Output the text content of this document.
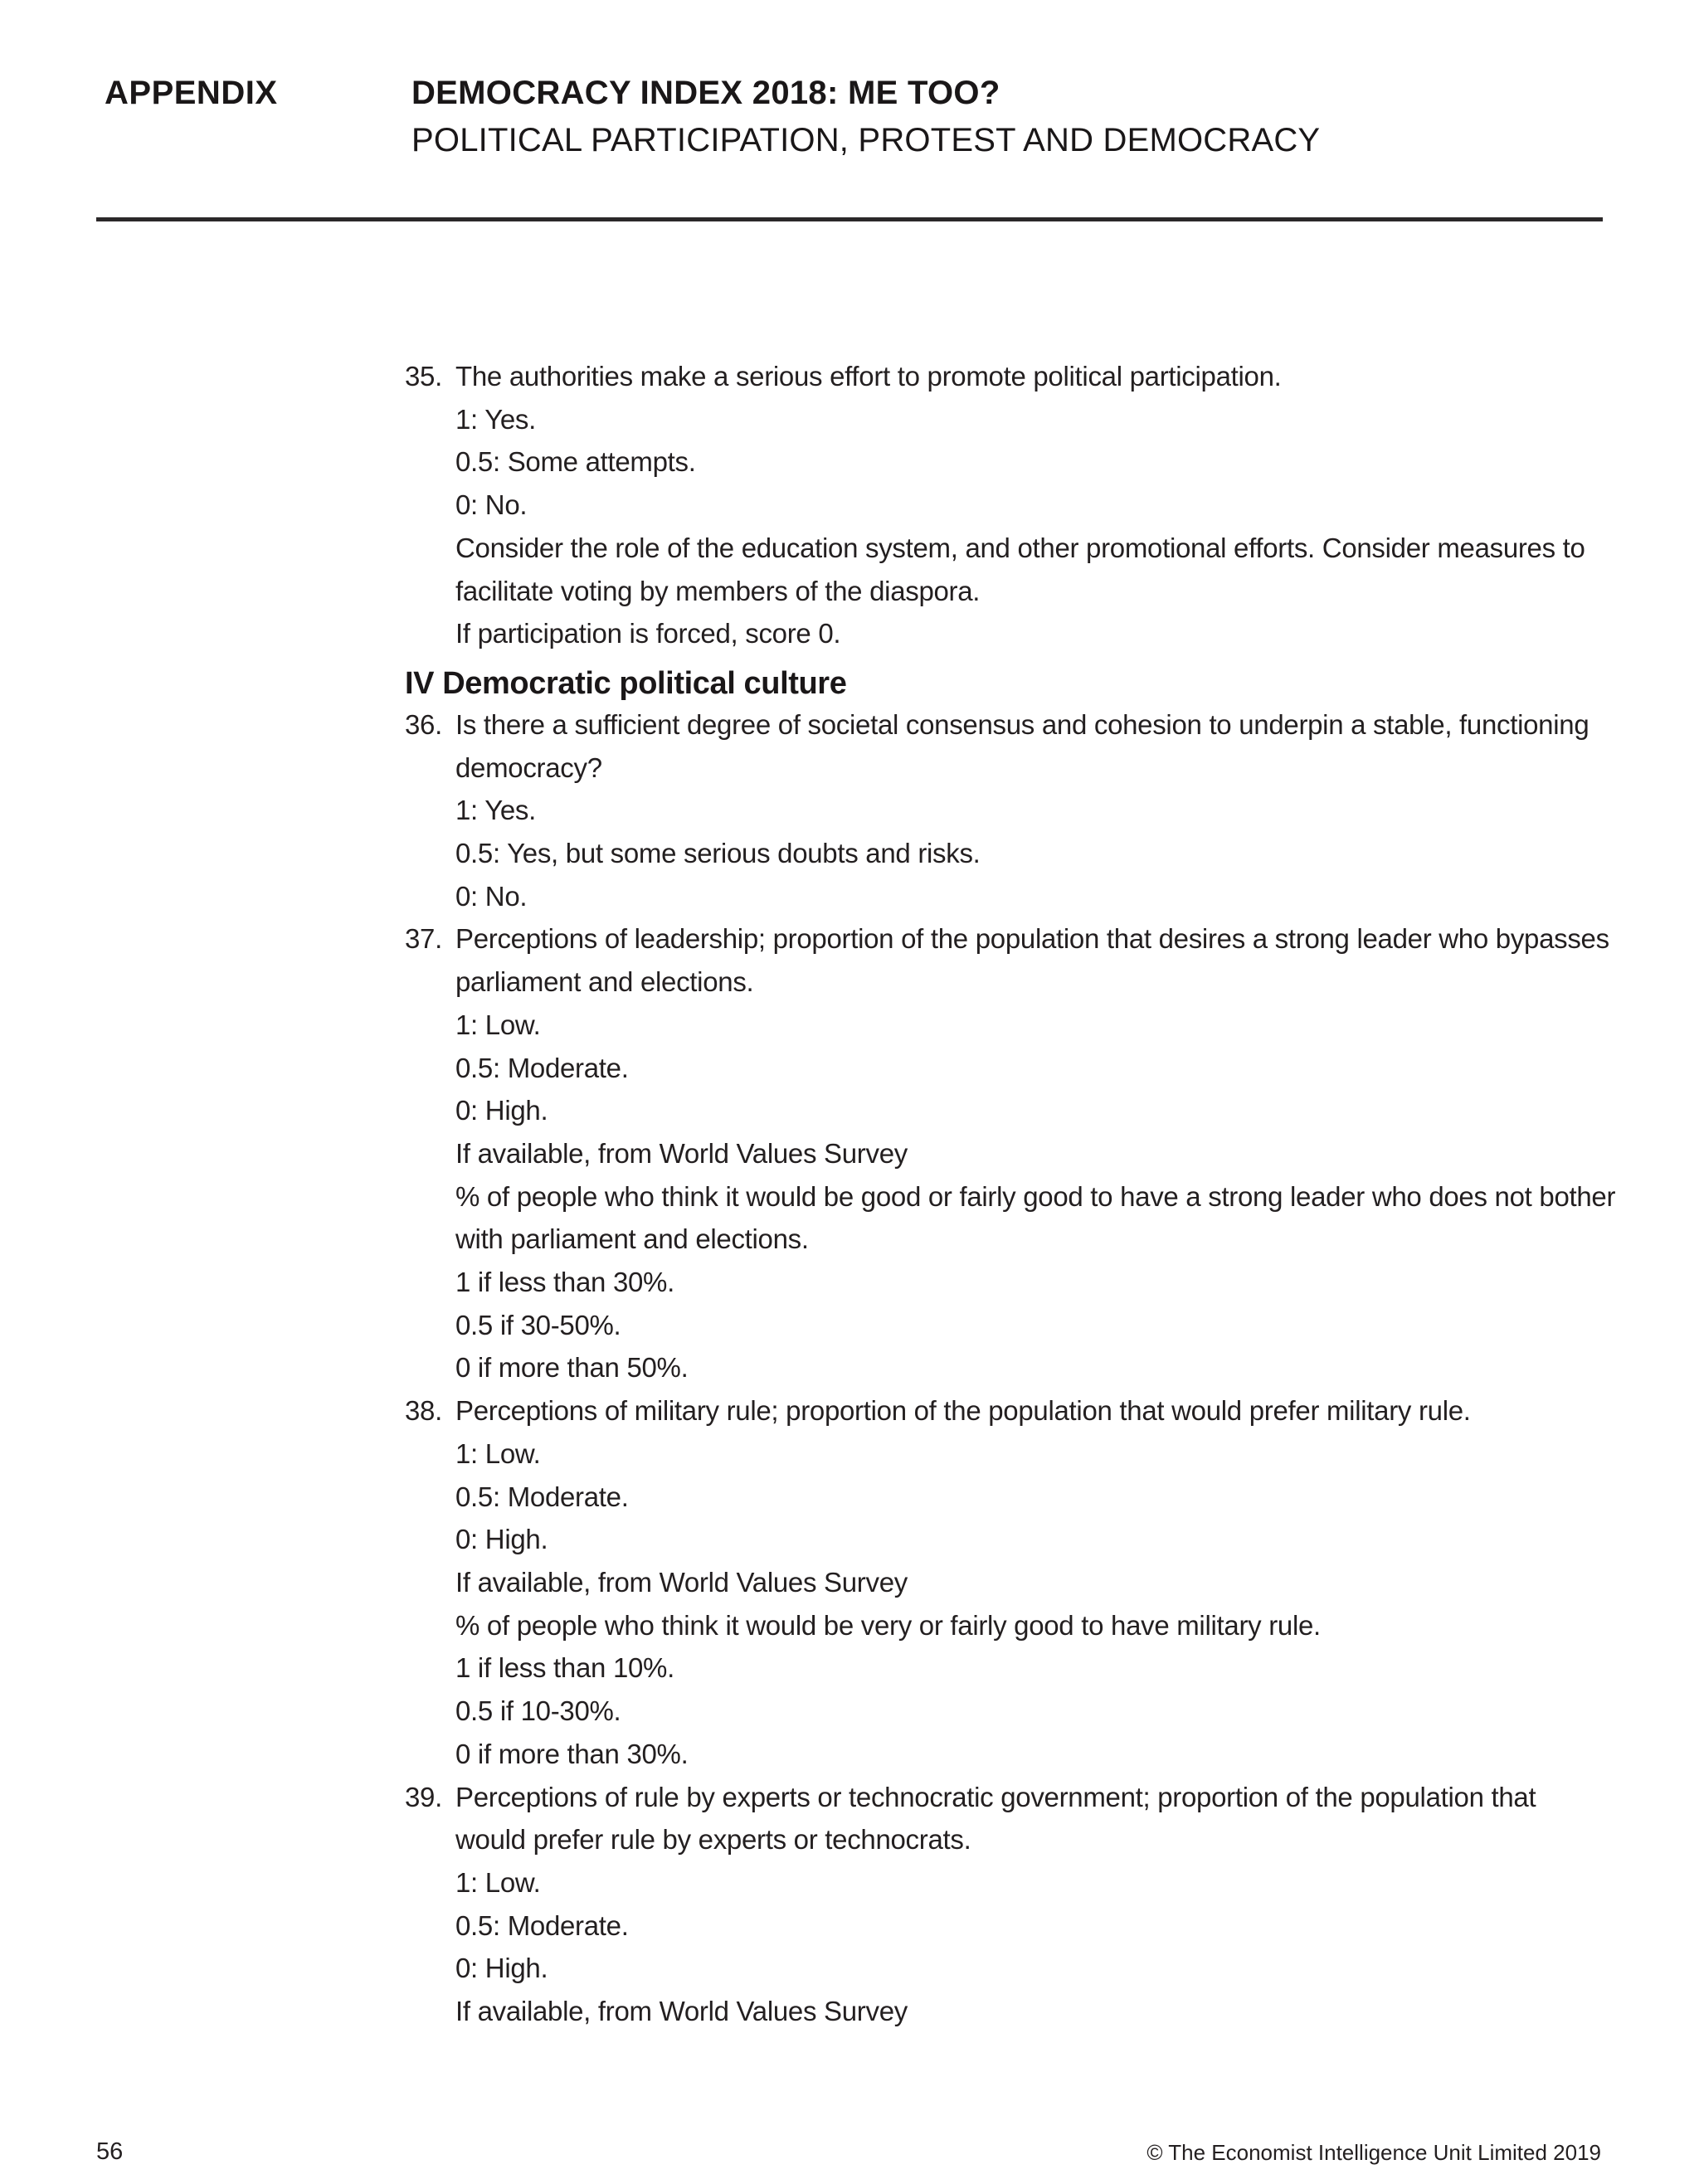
APPENDIX	DEMOCRACY INDEX 2018: ME TOO?
POLITICAL PARTICIPATION, PROTEST AND DEMOCRACY
35. The authorities make a serious effort to promote political participation.
1: Yes.
0.5: Some attempts.
0: No.
Consider the role of the education system, and other promotional efforts. Consider measures to
facilitate voting by members of the diaspora.
If participation is forced, score 0.
IV Democratic political culture
36. Is there a sufficient degree of societal consensus and cohesion to underpin a stable, functioning
democracy?
1: Yes.
0.5: Yes, but some serious doubts and risks.
0: No.
37. Perceptions of leadership; proportion of the population that desires a strong leader who bypasses
parliament and elections.
1: Low.
0.5: Moderate.
0: High.
If available, from World Values Survey
% of people who think it would be good or fairly good to have a strong leader who does not bother
with parliament and elections.
1 if less than 30%.
0.5 if 30-50%.
0 if more than 50%.
38. Perceptions of military rule; proportion of the population that would prefer military rule.
1: Low.
0.5: Moderate.
0: High.
If available, from World Values Survey
% of people who think it would be very or fairly good to have military rule.
1 if less than 10%.
0.5 if 10-30%.
0 if more than 30%.
39. Perceptions of rule by experts or technocratic government; proportion of the population that
would prefer rule by experts or technocrats.
1: Low.
0.5: Moderate.
0: High.
If available, from World Values Survey
56	© The Economist Intelligence Unit Limited 2019
